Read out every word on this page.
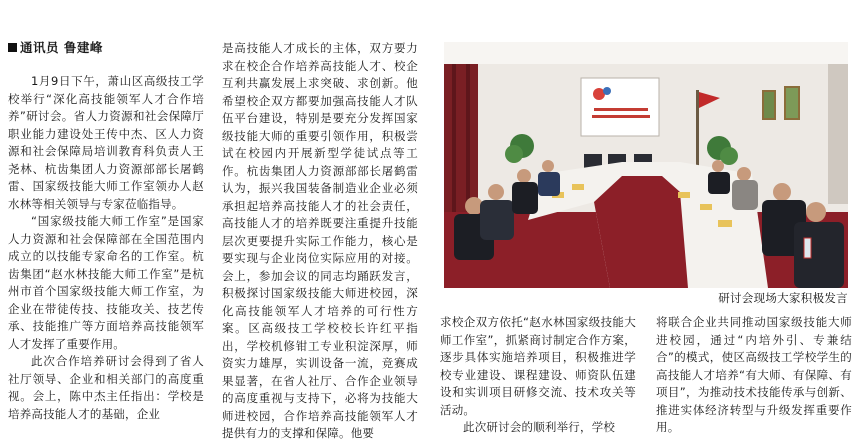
通讯员 鲁建峰

1月9日下午，萧山区高级技工学校举行“深化高技能领军人才合作培养”研讨会。省人力资源和社会保障厅职业能力建设处王传中杰、区人力资源和社会保障局培训教育科负责人王尧林、杭齿集团人力资源部部长屠鹤雷、国家级技能大师工作室领办人赵水林等相关领导与专家莅临指导。

“国家级技能大师工作室”是国家人力资源和社会保障部在全国范围内成立的以技能专家命名的工作室。杭齿集团“赵水林技能大师工作室”是杭州市首个国家级技能大师工作室，为企业在带徒传技、技能攻关、技艺传承、技能推广等方面培养高技能领军人才发挥了重要作用。

此次合作培养研讨会得到了省人社厅领导、企业和相关部门的高度重视。会上，陈中杰主任指出：学校是培养高技能人才的基础，企业

是高技能人才成长的主体，双方要力求在校企合作培养高技能人才、校企互利共赢发展上求突破、求创新。他希望校企双方都要加强高技能人才队伍平台建设，特别是要充分发挥国家级技能大师的重要引领作用，积极尝试在校园内开展新型学徒试点等工作。杭齿集团人力资源部部长屠鹤雷认为，振兴我国装备制造业企业必须承担起培养高技能人才的社会责任，高技能人才的培养既要注重提升技能层次更要提升实际工作能力，核心是要实现与企业岗位实际应用的对接。会上，参加会议的同志均踊跃发言，积极探讨国家级技能大师进校园，深化高技能领军人才培养的可行性方案。区高级技工学校校长许红平指出，学校机修钳工专业积淀深厚，师资实力雄厚，实训设备一流，竞赛成果显著，在省人社厅、合作企业领导的高度重视与支持下，必将为技能大师进校园，合作培养高技能领军人才提供有力的支撑和保障。他要

研讨会现场大家积极发言

求校企双方依托“赵水林国家级技能大师工作室”，抓紧商讨制定合作方案，逐步具体实施培养项目，积极推进学校专业建设、课程建设、师资队伍建设和实训项目研修交流、技术攻关等活动。

此次研讨会的顺利举行，学校

将联合企业共同推动国家级技能大师进校园，通过“内培外引、专兼结合”的模式，使区高级技工学校学生的高技能人才培养“有大师、有保障、有项目”，为推动技术技能传承与创新、推进实体经济转型与升级发挥重要作用。
